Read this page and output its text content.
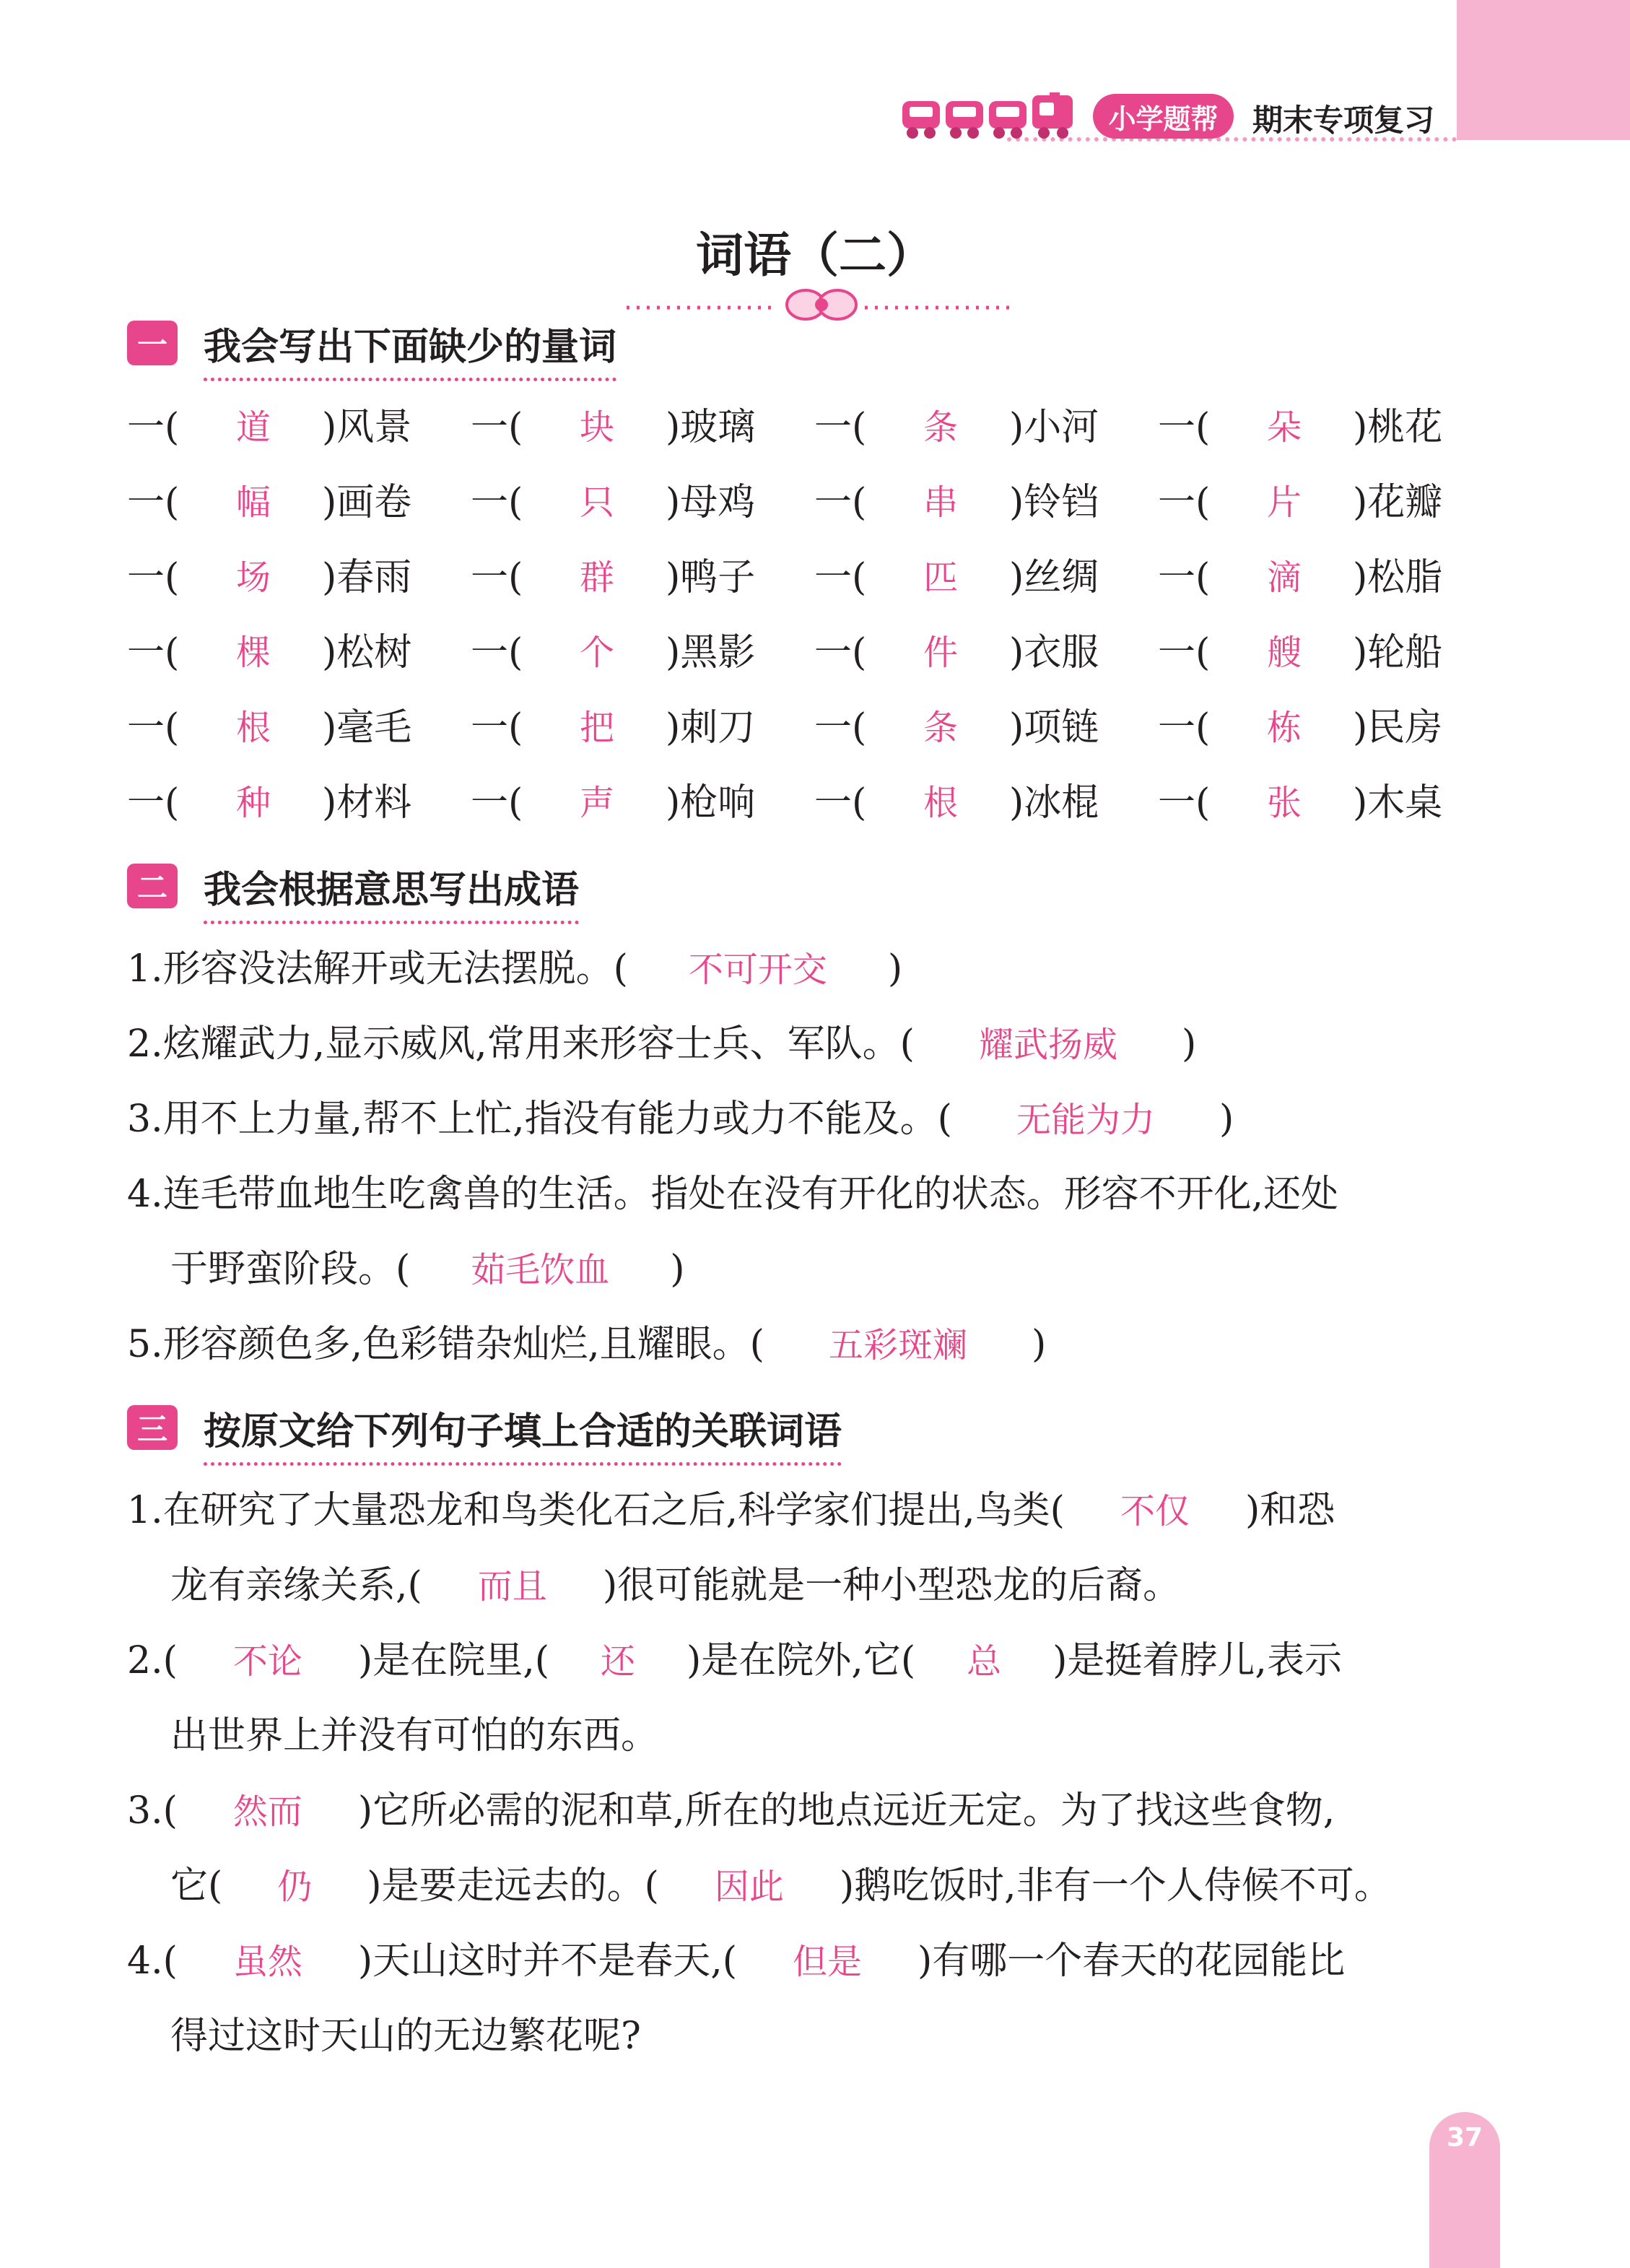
小学题帮	期末专项复习
词语（二）
一 我会写出下面缺少的量词
一(	道	)风景 一(	块	)玻璃 一(	条	)小河 一(	朵	)桃花
一(	幅	)画卷 一(	只	)母鸡 一(	串	)铃铛 一(	片	)花瓣
一(	场	)春雨 一(	群	)鸭子 一(	匹	)丝绸 一(	滴	)松脂
一(	棵	)松树 一(	个	)黑影 一(	件	)衣服 一(	艘	)轮船
一(	根	)毫毛 一(	把	)刺刀 一(	条	)项链 一(	栋	)民房
一(	种	)材料 一(	声	)枪响 一(	根	)冰棍 一(	张	)木桌
二 我会根据意思写出成语
1.形容没法解开或无法摆脱。( 不可开交 )
2.炫耀武力,显示威风,常用来形容士兵、军队。( 耀武扬威 )
3.用不上力量,帮不上忙,指没有能力或力不能及。( 无能为力 )
4.连毛带血地生吃禽兽的生活。指处在没有开化的状态。形容不开化,还处
于野蛮阶段。( 茹毛饮血 )
5.形容颜色多,色彩错杂灿烂,且耀眼。( 五彩斑斓 )
三 按原文给下列句子填上合适的关联词语
1.在研究了大量恐龙和鸟类化石之后,科学家们提出,鸟类( 不仅 )和恐
龙有亲缘关系,( 而且 )很可能就是一种小型恐龙的后裔。
2.( 不论 )是在院里,( 还 )是在院外,它( 总 )是挺着脖儿,表示
出世界上并没有可怕的东西。
3.( 然而 )它所必需的泥和草,所在的地点远近无定。为了找这些食物,
它( 仍 )是要走远去的。( 因此 )鹅吃饭时,非有一个人侍候不可。
4.( 虽然 )天山这时并不是春天,( 但是 )有哪一个春天的花园能比
得过这时天山的无边繁花呢?
37
